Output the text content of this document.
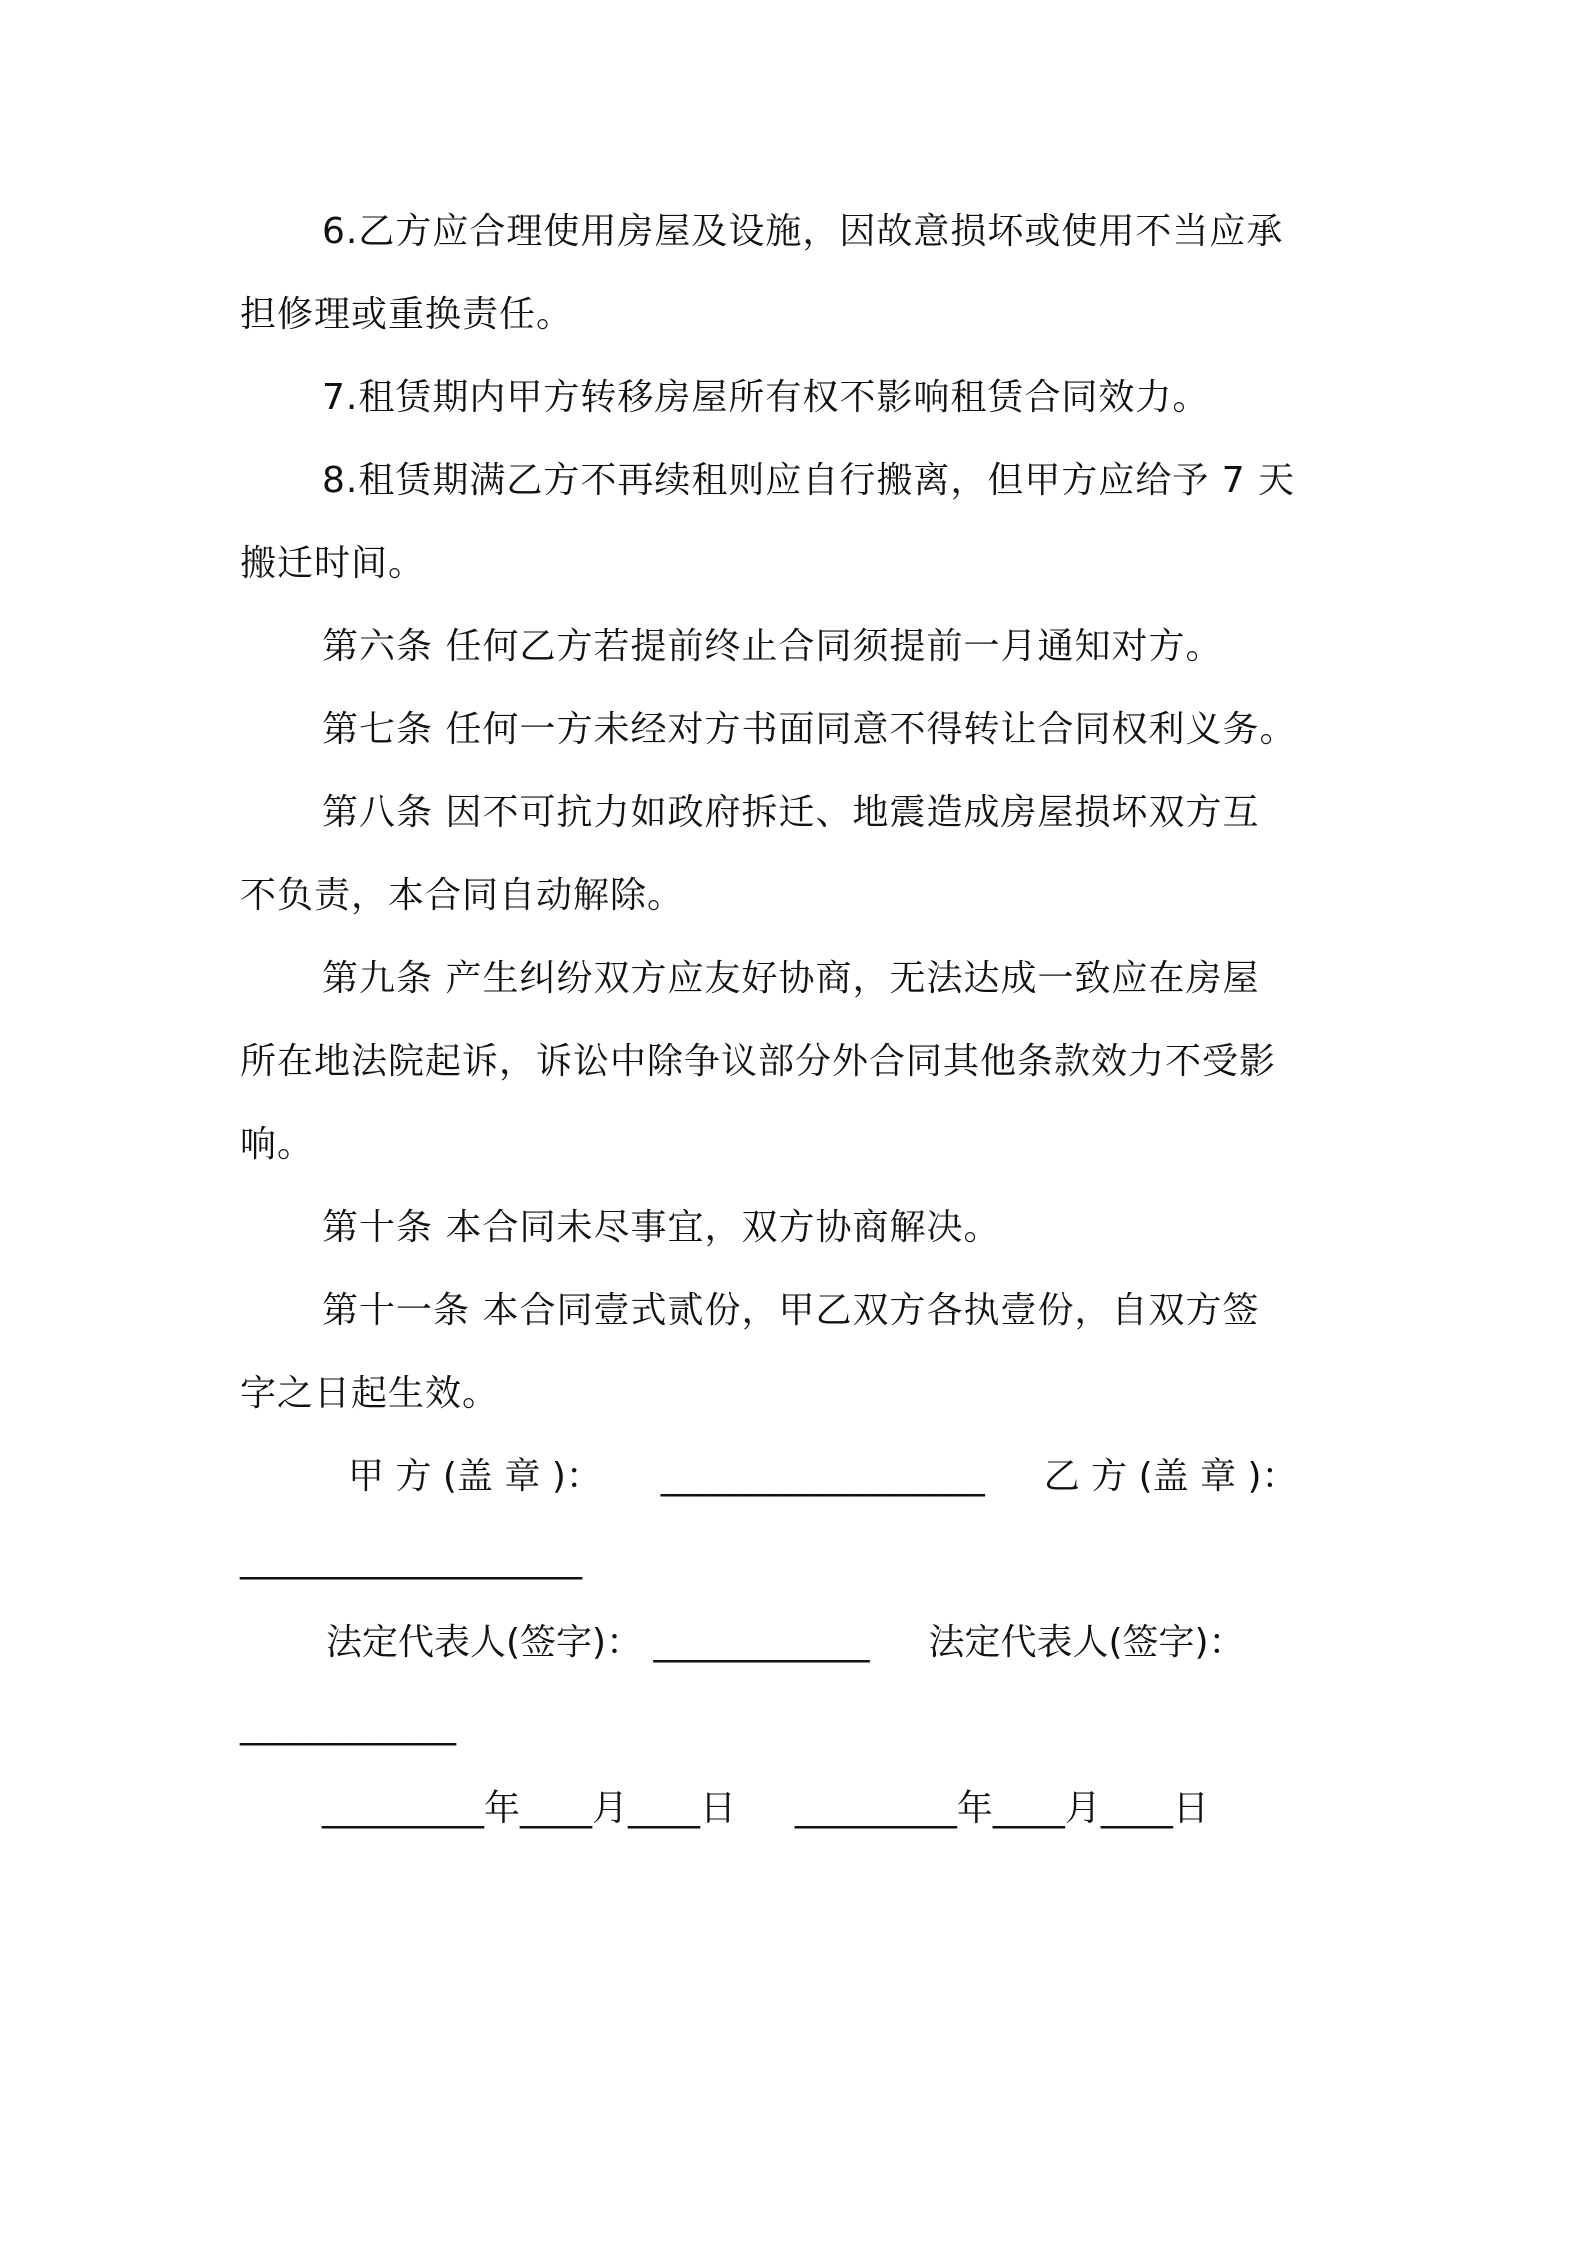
6.乙方应合理使用房屋及设施，因故意损坏或使用不当应承
担修理或重换责任。
7.租赁期内甲方转移房屋所有权不影响租赁合同效力。
8.租赁期满乙方不再续租则应自行搬离，但甲方应给予 7 天
搬迁时间。
第六条 任何乙方若提前终止合同须提前一月通知对方。
第七条 任何一方未经对方书面同意不得转让合同权利义务。
第八条 因不可抗力如政府拆迁、地震造成房屋损坏双方互
不负责，本合同自动解除。
第九条 产生纠纷双方应友好协商，无法达成一致应在房屋
所在地法院起诉，诉讼中除争议部分外合同其他条款效力不受影
响。
第十条 本合同未尽事宜，双方协商解决。
第十一条 本合同壹式贰份，甲乙双方各执壹份，自双方签
字之日起生效。
甲 方 (盖 章 )： __________________ 乙 方 (盖 章 )：
___________________
法定代表人(签字)： ____________ 法定代表人(签字)：
____________
_________年____月____日 _________年____月____日
